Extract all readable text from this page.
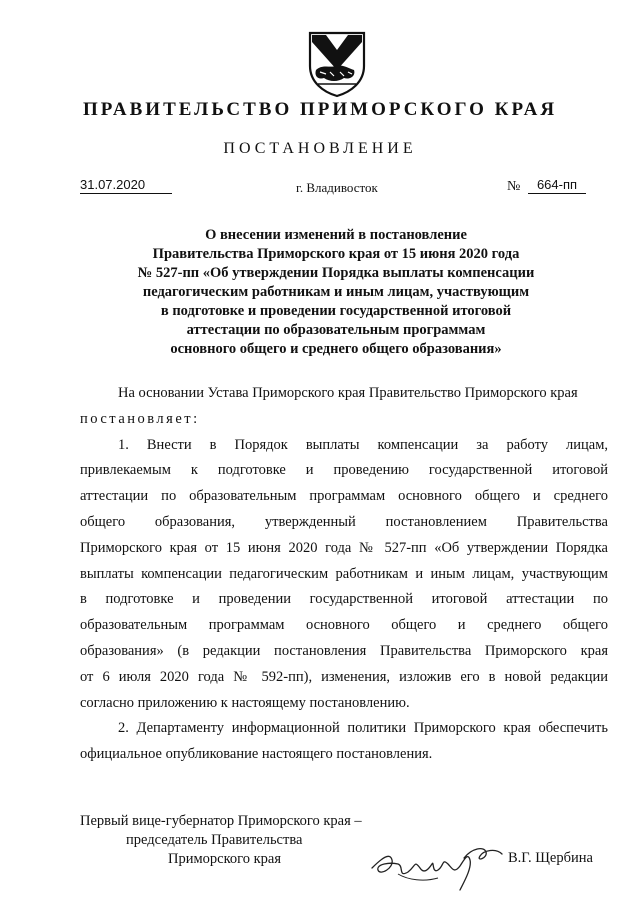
ПРАВИТЕЛЬСТВО ПРИМОРСКОГО КРАЯ
ПОСТАНОВЛЕНИЕ
31.07.2020	г. Владивосток	№	664-пп
О внесении изменений в постановление
Правительства Приморского края от 15 июня 2020 года
№ 527-пп «Об утверждении Порядка выплаты компенсации
педагогическим работникам и иным лицам, участвующим
в подготовке и проведении государственной итоговой
аттестации по образовательным программам
основного общего и среднего общего образования»
На основании Устава Приморского края Правительство Приморского края
постановляет:
1. Внести в Порядок выплаты компенсации за работу лицам,
привлекаемым к подготовке и проведению государственной итоговой
аттестации по образовательным программам основного общего и среднего
общего образования, утвержденный постановлением Правительства
Приморского края от 15 июня 2020 года № 527-пп «Об утверждении Порядка
выплаты компенсации педагогическим работникам и иным лицам, участвующим
в подготовке и проведении государственной итоговой аттестации по
образовательным программам основного общего и среднего общего
образования» (в редакции постановления Правительства Приморского края
от 6 июля 2020 года № 592-пп), изменения, изложив его в новой редакции
согласно приложению к настоящему постановлению.
2. Департаменту информационной политики Приморского края обеспечить
официальное опубликование настоящего постановления.
Первый вице-губернатор Приморского края –
председатель Правительства
Приморского края	В.Г. Щербина
